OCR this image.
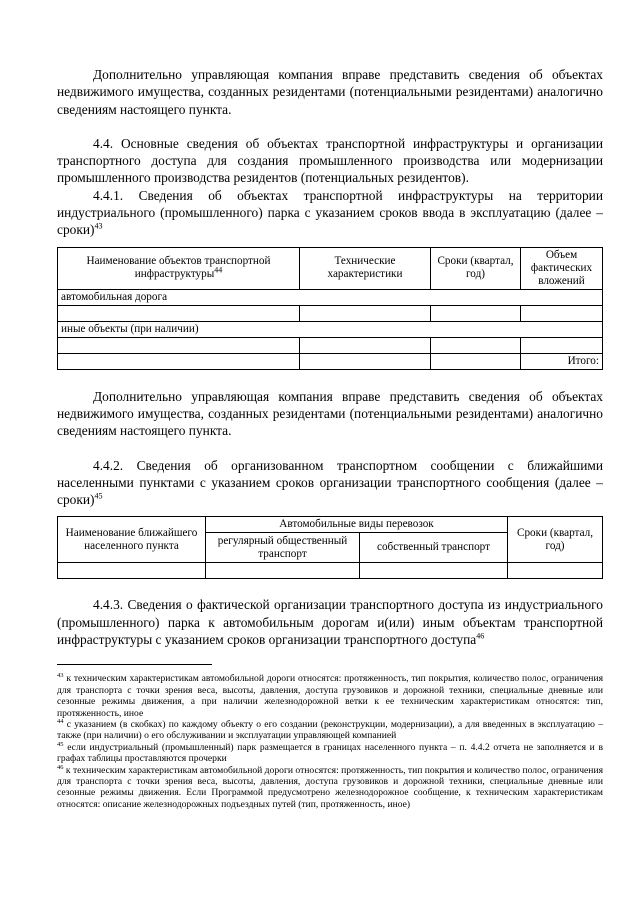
Дополнительно управляющая компания вправе представить сведения об объектах недвижимого имущества, созданных резидентами (потенциальными резидентами) аналогично сведениям настоящего пункта.

4.4. Основные сведения об объектах транспортной инфраструктуры и организации транспортного доступа для создания промышленного производства или модернизации промышленного производства резидентов (потенциальных резидентов).

4.4.1. Сведения об объектах транспортной инфраструктуры на территории индустриального (промышленного) парка с указанием сроков ввода в эксплуатацию (далее – сроки)$^{43}$

Наименование объектов транспортной инфраструктуры$^{44}$	Технические характеристики	Сроки (квартал, год)	Объем фактических вложений
автомобильная дорога			

иные объекты (при наличии)			

			Итого:

Дополнительно управляющая компания вправе представить сведения об объектах недвижимого имущества, созданных резидентами (потенциальными резидентами) аналогично сведениям настоящего пункта.

4.4.2. Сведения об организованном транспортном сообщении с ближайшими населенными пунктами с указанием сроков организации транспортного сообщения (далее – сроки)$^{45}$

Наименование ближайшего населенного пункта	Автомобильные виды перевозок		Сроки (квартал, год)
	регулярный общественный транспорт	собственный транспорт	

4.4.3. Сведения о фактической организации транспортного доступа из индустриального (промышленного) парка к автомобильным дорогам и(или) иным объектам транспортной инфраструктуры с указанием сроков организации транспортного доступа$^{46}$

$^{43}$ к техническим характеристикам автомобильной дороги относятся: протяженность, тип покрытия, количество полос, ограничения для транспорта с точки зрения веса, высоты, давления, доступа грузовиков и дорожной техники, специальные дневные или сезонные режимы движения, а при наличии железнодорожной ветки к ее техническим характеристикам относятся: тип, протяженность, иное

$^{44}$ с указанием (в скобках) по каждому объекту о его создании (реконструкции, модернизации), а для введенных в эксплуатацию – также (при наличии) о его обслуживании и эксплуатации управляющей компанией

$^{45}$ если индустриальный (промышленный) парк размещается в границах населенного пункта – п. 4.4.2 отчета не заполняется и в графах таблицы проставляются прочерки

$^{46}$ к техническим характеристикам автомобильной дороги относятся: протяженность, тип покрытия и количество полос, ограничения для транспорта с точки зрения веса, высоты, давления, доступа грузовиков и дорожной техники, специальные дневные или сезонные режимы движения. Если Программой предусмотрено железнодорожное сообщение, к техническим характеристикам относятся: описание железнодорожных подъездных путей (тип, протяженность, иное)
